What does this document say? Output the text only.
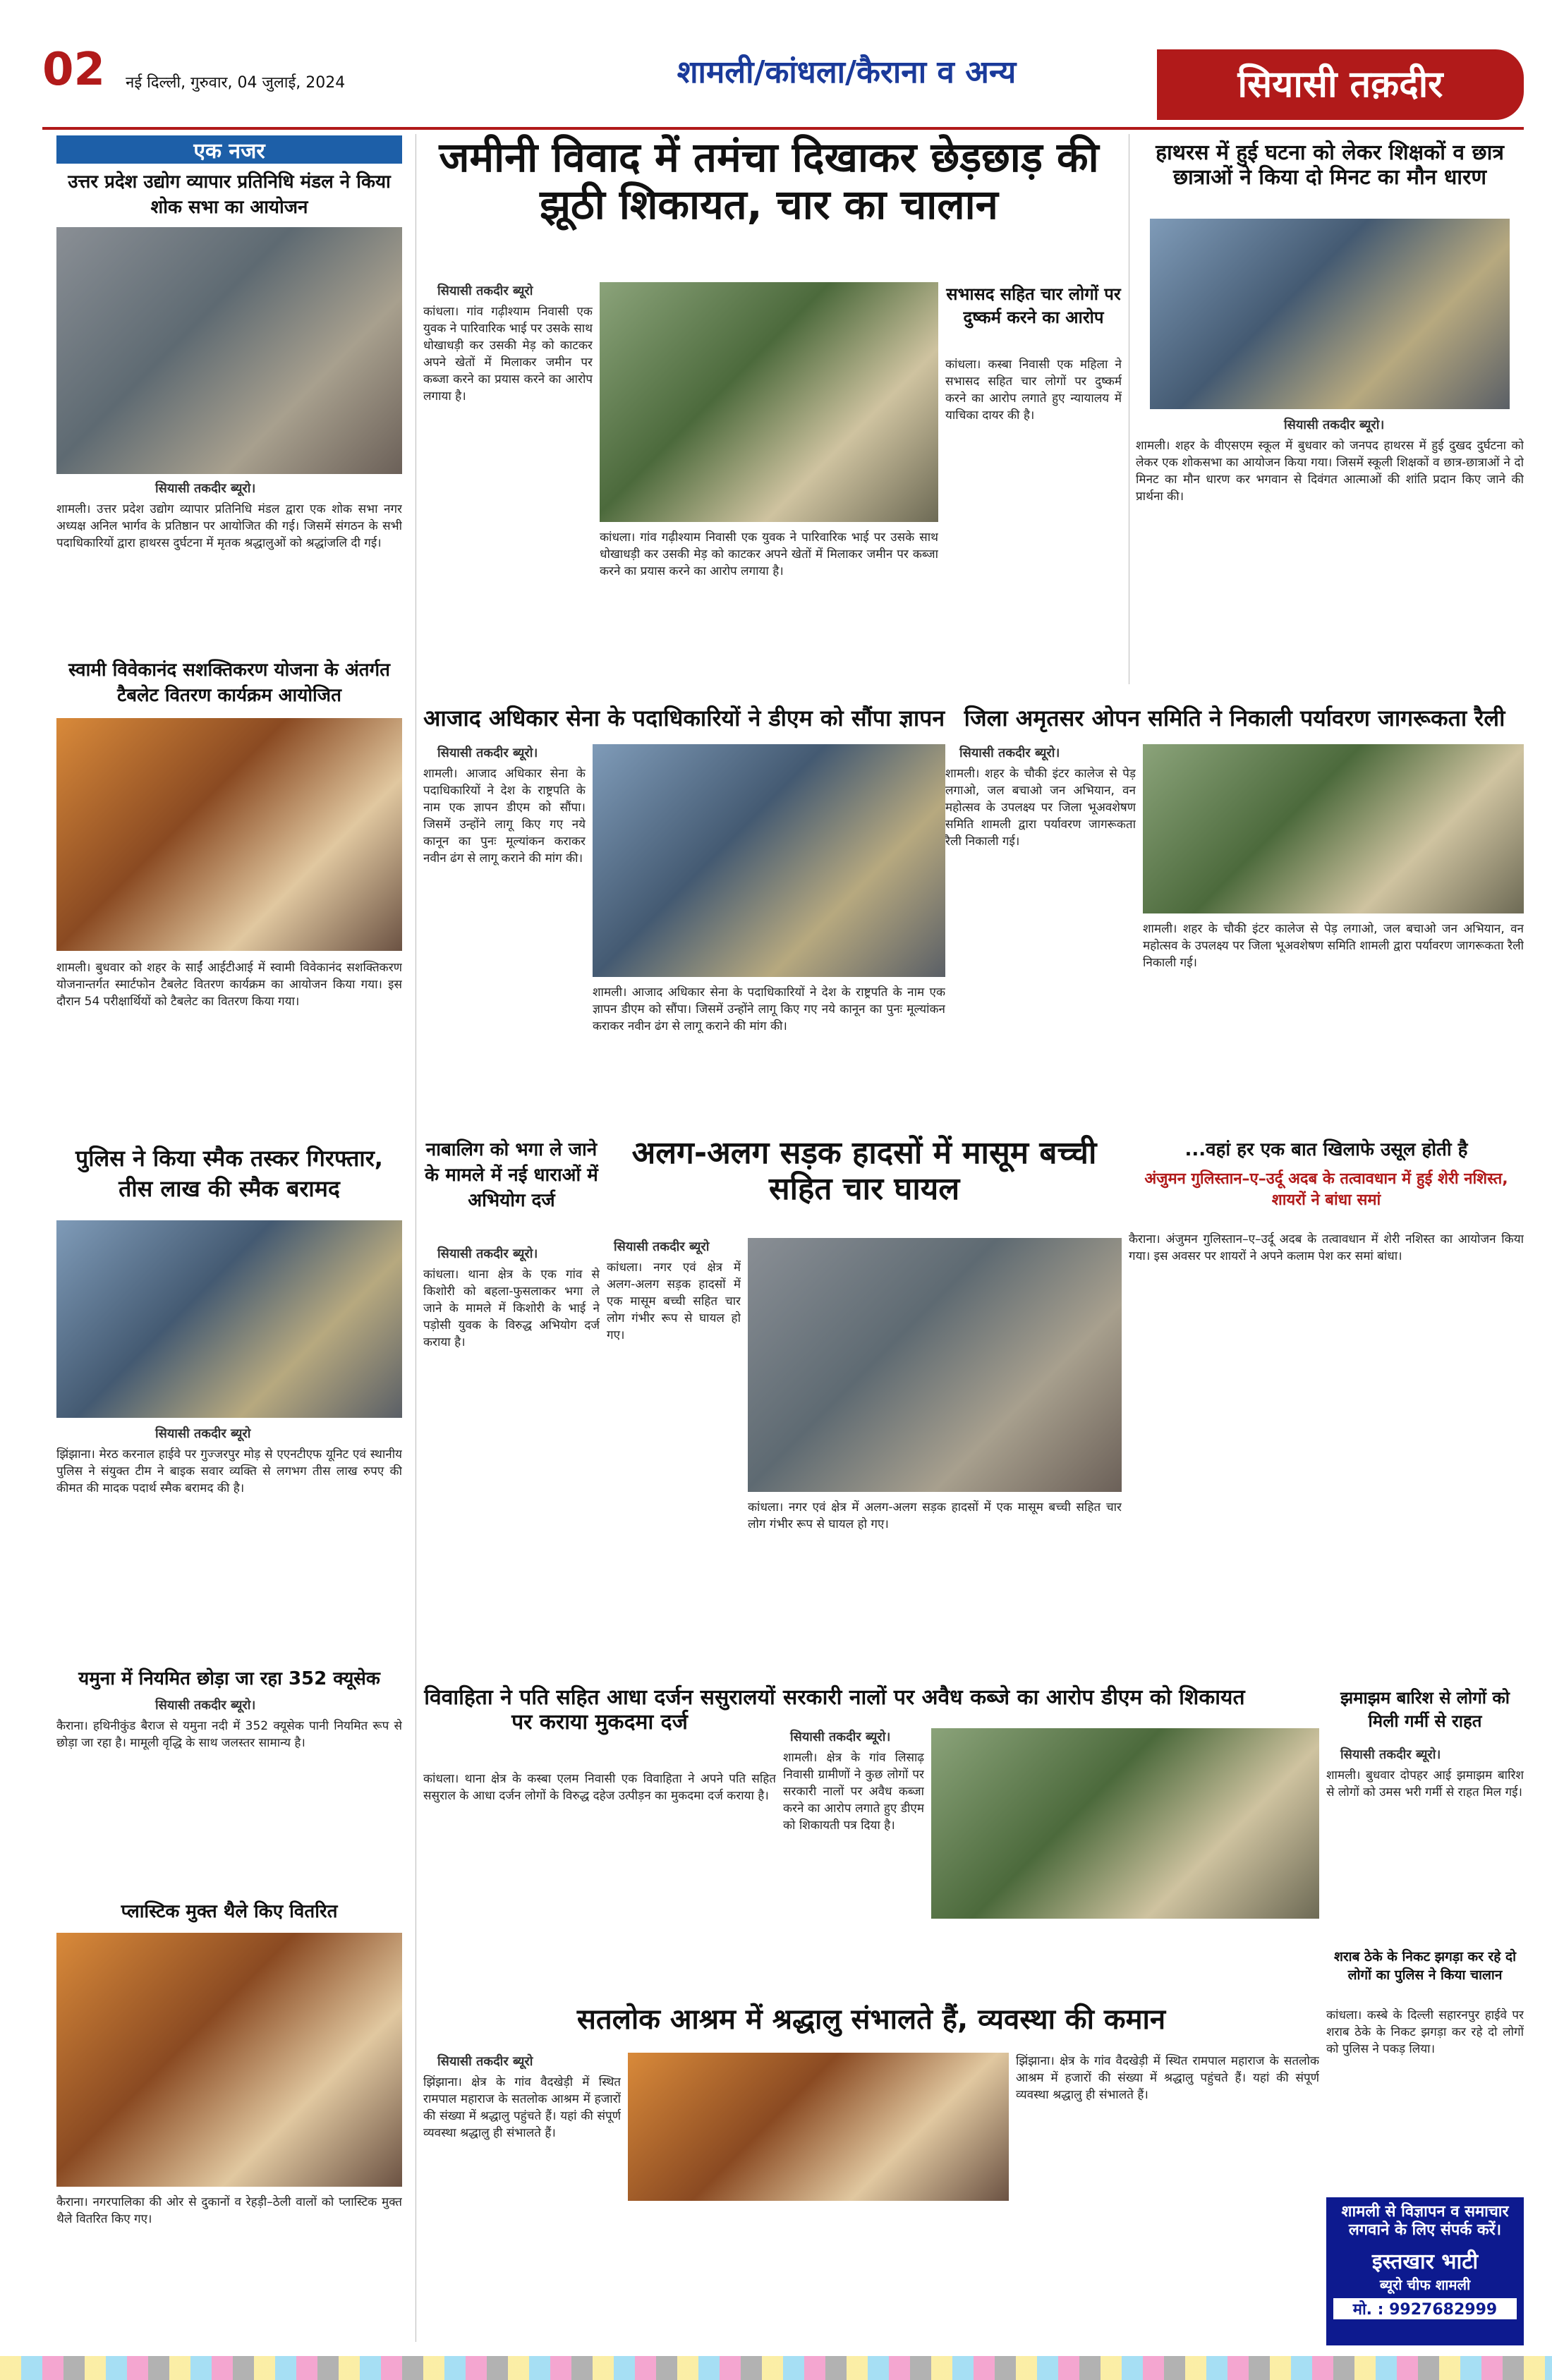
02 नई दिल्ली, गुरुवार, 04 जुलाई, 2024	शामली/कांधला/कैराना व अन्य	सियासी तक़दीर
एक नजर
उत्तर प्रदेश उद्योग व्यापार प्रतिनिधि मंडल ने किया शोक सभा का आयोजन
सियासी तकदीर ब्यूरो।
शामली। उत्तर प्रदेश उद्योग व्यापार प्रतिनिधि मंडल द्वारा एक शोक सभा नगर अध्यक्ष अनिल भार्गव के प्रतिष्ठान पर आयोजित की गई। जिसमें संगठन के सभी पदाधिकारियों द्वारा हाथरस दुर्घटना में मृतक श्रद्धालुओं को श्रद्धांजलि दी गई।
स्वामी विवेकानंद सशक्तिकरण योजना के अंतर्गत टैबलेट वितरण कार्यक्रम आयोजित
शामली। बुधवार को शहर के साईं आईटीआई में स्वामी विवेकानंद सशक्तिकरण योजनान्तर्गत स्मार्टफोन टैबलेट वितरण कार्यक्रम का आयोजन किया गया। इस दौरान 54 परीक्षार्थियों को टैबलेट का वितरण किया गया।
पुलिस ने किया स्मैक तस्कर गिरफ्तार, तीस लाख की स्मैक बरामद
सियासी तकदीर ब्यूरो
झिंझाना। मेरठ करनाल हाईवे पर गुज्जरपुर मोड़ से एएनटीएफ यूनिट एवं स्थानीय पुलिस ने संयुक्त टीम ने बाइक सवार व्यक्ति से लगभग तीस लाख रुपए की कीमत की मादक पदार्थ स्मैक बरामद की है।
यमुना में नियमित छोड़ा जा रहा 352 क्यूसेक
सियासी तकदीर ब्यूरो।
कैराना। हथिनीकुंड बैराज से यमुना नदी में 352 क्यूसेक पानी नियमित रूप से छोड़ा जा रहा है। मामूली वृद्धि के साथ जलस्तर सामान्य है।
प्लास्टिक मुक्त थैले किए वितरित
कैराना। नगरपालिका की ओर से दुकानों व रेहड़ी–ठेली वालों को प्लास्टिक मुक्त थैले वितरित किए गए।
जमीनी विवाद में तमंचा दिखाकर छेड़छाड़ की झूठी शिकायत, चार का चालान
सियासी तकदीर ब्यूरो
कांधला। गांव गढ़ीश्याम निवासी एक युवक ने पारिवारिक भाई पर उसके साथ धोखाधड़ी कर उसकी मेड़ को काटकर अपने खेतों में मिलाकर जमीन पर कब्जा करने का प्रयास करने का आरोप लगाया है।
कांधला। गांव गढ़ीश्याम निवासी एक युवक ने पारिवारिक भाई पर उसके साथ धोखाधड़ी कर उसकी मेड़ को काटकर अपने खेतों में मिलाकर जमीन पर कब्जा करने का प्रयास करने का आरोप लगाया है।
सभासद सहित चार लोगों पर दुष्कर्म करने का आरोप
कांधला। कस्बा निवासी एक महिला ने सभासद सहित चार लोगों पर दुष्कर्म करने का आरोप लगाते हुए न्यायालय में याचिका दायर की है।
आजाद अधिकार सेना के पदाधिकारियों ने डीएम को सौंपा ज्ञापन
सियासी तकदीर ब्यूरो।
शामली। आजाद अधिकार सेना के पदाधिकारियों ने देश के राष्ट्रपति के नाम एक ज्ञापन डीएम को सौंपा। जिसमें उन्होंने लागू किए गए नये कानून का पुनः मूल्यांकन कराकर नवीन ढंग से लागू कराने की मांग की।
शामली। आजाद अधिकार सेना के पदाधिकारियों ने देश के राष्ट्रपति के नाम एक ज्ञापन डीएम को सौंपा। जिसमें उन्होंने लागू किए गए नये कानून का पुनः मूल्यांकन कराकर नवीन ढंग से लागू कराने की मांग की।
नाबालिग को भगा ले जाने के मामले में नई धाराओं में अभियोग दर्ज
सियासी तकदीर ब्यूरो।
कांधला। थाना क्षेत्र के एक गांव से किशोरी को बहला-फुसलाकर भगा ले जाने के मामले में किशोरी के भाई ने पड़ोसी युवक के विरुद्ध अभियोग दर्ज कराया है।
अलग-अलग सड़क हादसों में मासूम बच्ची सहित चार घायल
सियासी तकदीर ब्यूरो
कांधला। नगर एवं क्षेत्र में अलग-अलग सड़क हादसों में एक मासूम बच्ची सहित चार लोग गंभीर रूप से घायल हो गए।
कांधला। नगर एवं क्षेत्र में अलग-अलग सड़क हादसों में एक मासूम बच्ची सहित चार लोग गंभीर रूप से घायल हो गए।
विवाहिता ने पति सहित आधा दर्जन ससुरालयों पर कराया मुकदमा दर्ज
कांधला। थाना क्षेत्र के कस्बा एलम निवासी एक विवाहिता ने अपने पति सहित ससुराल के आधा दर्जन लोगों के विरुद्ध दहेज उत्पीड़न का मुकदमा दर्ज कराया है।
सरकारी नालों पर अवैध कब्जे का आरोप डीएम को शिकायत
सियासी तकदीर ब्यूरो।
शामली। क्षेत्र के गांव लिसाढ़ निवासी ग्रामीणों ने कुछ लोगों पर सरकारी नालों पर अवैध कब्जा करने का आरोप लगाते हुए डीएम को शिकायती पत्र दिया है।
सतलोक आश्रम में श्रद्धालु संभालते हैं, व्यवस्था की कमान
सियासी तकदीर ब्यूरो
झिंझाना। क्षेत्र के गांव वैदखेड़ी में स्थित रामपाल महाराज के सतलोक आश्रम में हजारों की संख्या में श्रद्धालु पहुंचते हैं। यहां की संपूर्ण व्यवस्था श्रद्धालु ही संभालते हैं।
झिंझाना। क्षेत्र के गांव वैदखेड़ी में स्थित रामपाल महाराज के सतलोक आश्रम में हजारों की संख्या में श्रद्धालु पहुंचते हैं। यहां की संपूर्ण व्यवस्था श्रद्धालु ही संभालते हैं।
हाथरस में हुई घटना को लेकर शिक्षकों व छात्र छात्राओं ने किया दो मिनट का मौन धारण
सियासी तकदीर ब्यूरो।
शामली। शहर के वीएसएम स्कूल में बुधवार को जनपद हाथरस में हुई दुखद दुर्घटना को लेकर एक शोकसभा का आयोजन किया गया। जिसमें स्कूली शिक्षकों व छात्र-छात्राओं ने दो मिनट का मौन धारण कर भगवान से दिवंगत आत्माओं की शांति प्रदान किए जाने की प्रार्थना की।
जिला अमृतसर ओपन समिति ने निकाली पर्यावरण जागरूकता रैली
सियासी तकदीर ब्यूरो।
शामली। शहर के चौकी इंटर कालेज से पेड़ लगाओ, जल बचाओ जन अभियान, वन महोत्सव के उपलक्ष्य पर जिला भूअवशेषण समिति शामली द्वारा पर्यावरण जागरूकता रैली निकाली गई।
शामली। शहर के चौकी इंटर कालेज से पेड़ लगाओ, जल बचाओ जन अभियान, वन महोत्सव के उपलक्ष्य पर जिला भूअवशेषण समिति शामली द्वारा पर्यावरण जागरूकता रैली निकाली गई।
...वहां हर एक बात खिलाफे उसूल होती है
अंजुमन गुलिस्तान–ए–उर्दू अदब के तत्वावधान में हुई शेरी नशिस्त, शायरों ने बांधा समां
कैराना। अंजुमन गुलिस्तान–ए–उर्दू अदब के तत्वावधान में शेरी नशिस्त का आयोजन किया गया। इस अवसर पर शायरों ने अपने कलाम पेश कर समां बांधा।
झमाझम बारिश से लोगों को मिली गर्मी से राहत
सियासी तकदीर ब्यूरो।
शामली। बुधवार दोपहर आई झमाझम बारिश से लोगों को उमस भरी गर्मी से राहत मिल गई।
शराब ठेके के निकट झगड़ा कर रहे दो लोगों का पुलिस ने किया चालान
कांधला। कस्बे के दिल्ली सहारनपुर हाईवे पर शराब ठेके के निकट झगड़ा कर रहे दो लोगों को पुलिस ने पकड़ लिया।
शामली से विज्ञापन व समाचार लगवाने के लिए संपर्क करें।
इस्तखार भाटी
ब्यूरो चीफ शामली
मो. : 9927682999
